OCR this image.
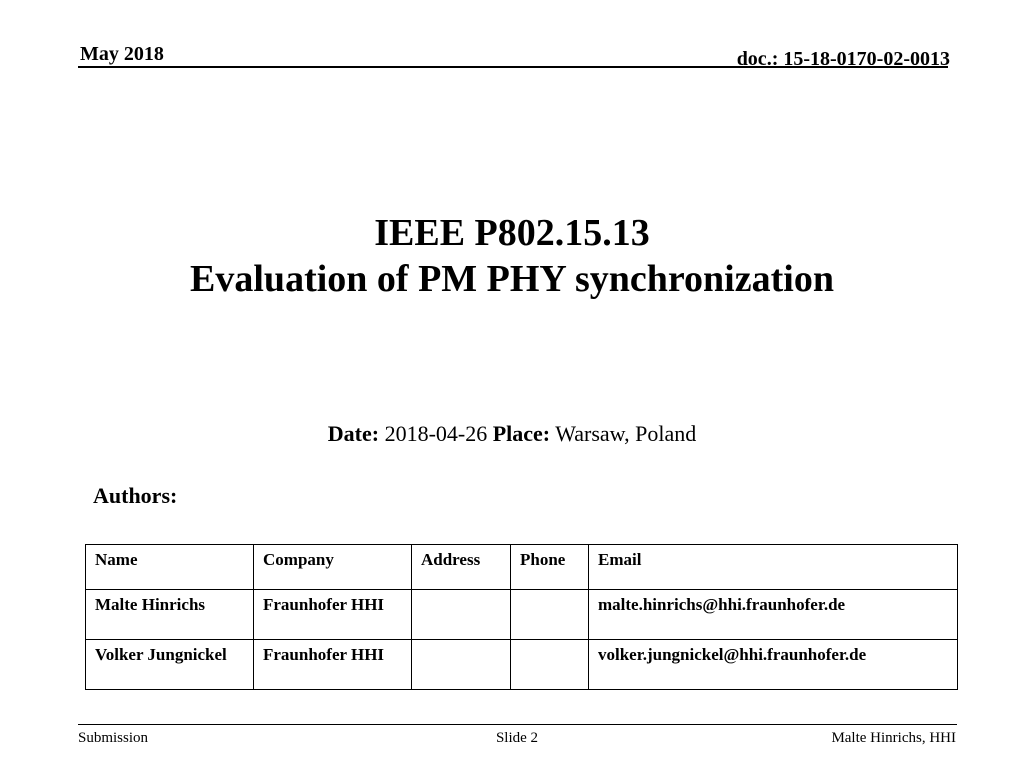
May 2018	doc.: 15-18-0170-02-0013
IEEE P802.15.13
Evaluation of PM PHY synchronization
Date: 2018-04-26 Place: Warsaw, Poland
Authors:
Name	Company	Address	Phone	Email
Malte Hinrichs	Fraunhofer HHI			malte.hinrichs@hhi.fraunhofer.de
Volker Jungnickel	Fraunhofer HHI			volker.jungnickel@hhi.fraunhofer.de
Submission	Slide 2	Malte Hinrichs, HHI
